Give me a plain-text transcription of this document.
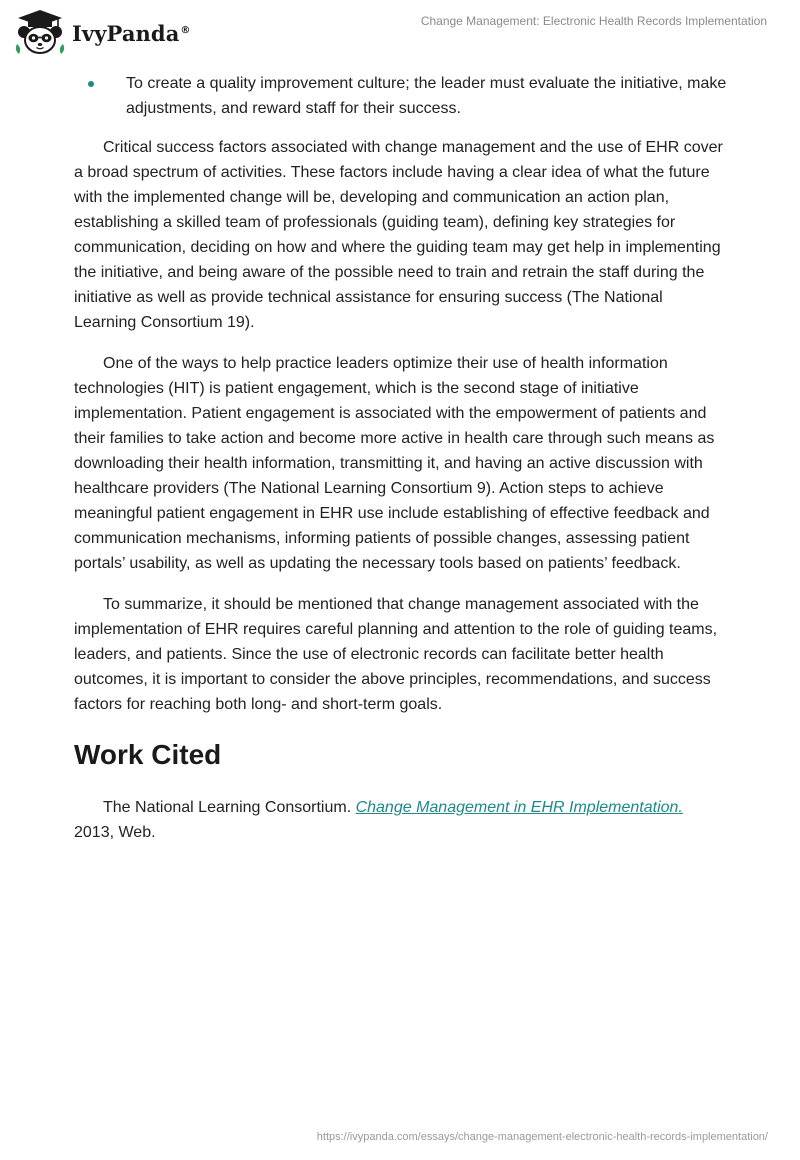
IvyPanda®
Change Management: Electronic Health Records Implementation
To create a quality improvement culture; the leader must evaluate the initiative, make adjustments, and reward staff for their success.

Critical success factors associated with change management and the use of EHR cover a broad spectrum of activities. These factors include having a clear idea of what the future with the implemented change will be, developing and communication an action plan, establishing a skilled team of professionals (guiding team), defining key strategies for communication, deciding on how and where the guiding team may get help in implementing the initiative, and being aware of the possible need to train and retrain the staff during the initiative as well as provide technical assistance for ensuring success (The National Learning Consortium 19).

One of the ways to help practice leaders optimize their use of health information technologies (HIT) is patient engagement, which is the second stage of initiative implementation. Patient engagement is associated with the empowerment of patients and their families to take action and become more active in health care through such means as downloading their health information, transmitting it, and having an active discussion with healthcare providers (The National Learning Consortium 9). Action steps to achieve meaningful patient engagement in EHR use include establishing of effective feedback and communication mechanisms, informing patients of possible changes, assessing patient portals’ usability, as well as updating the necessary tools based on patients’ feedback.

To summarize, it should be mentioned that change management associated with the implementation of EHR requires careful planning and attention to the role of guiding teams, leaders, and patients. Since the use of electronic records can facilitate better health outcomes, it is important to consider the above principles, recommendations, and success factors for reaching both long- and short-term goals.

Work Cited

The National Learning Consortium. Change Management in EHR Implementation.
2013, Web.

https://ivypanda.com/essays/change-management-electronic-health-records-implementation/
